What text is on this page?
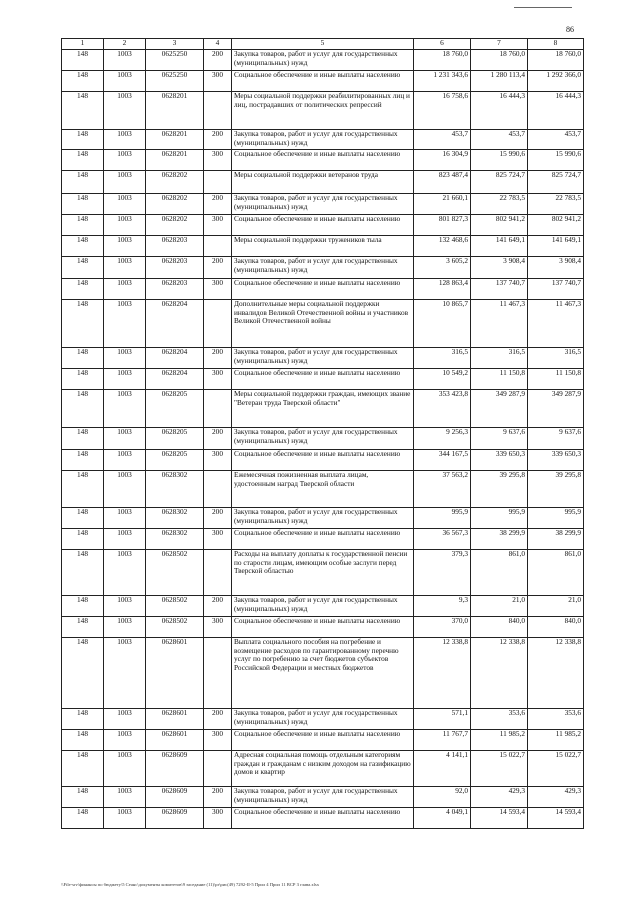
86
1	2	3	4	5	6	7	8
148	1003	0625250	200	Закупка товаров, работ и услуг для государственных (муниципальных) нужд	18 760,0	18 760,0	18 760,0
148	1003	0625250	300	Социальное обеспечение и иные выплаты населению	1 231 343,6	1 280 113,4	1 292 366,0
148	1003	0628201		Меры социальной поддержки реабилитированных лиц и лиц, пострадавших от политических репрессий	16 758,6	16 444,3	16 444,3
148	1003	0628201	200	Закупка товаров, работ и услуг для государственных (муниципальных) нужд	453,7	453,7	453,7
148	1003	0628201	300	Социальное обеспечение и иные выплаты населению	16 304,9	15 990,6	15 990,6
148	1003	0628202		Меры социальной поддержки ветеранов труда	823 487,4	825 724,7	825 724,7
148	1003	0628202	200	Закупка товаров, работ и услуг для государственных (муниципальных) нужд	21 660,1	22 783,5	22 783,5
148	1003	0628202	300	Социальное обеспечение и иные выплаты населению	801 827,3	802 941,2	802 941,2
148	1003	0628203		Меры социальной поддержки тружеников тыла	132 468,6	141 649,1	141 649,1
148	1003	0628203	200	Закупка товаров, работ и услуг для государственных (муниципальных) нужд	3 605,2	3 908,4	3 908,4
148	1003	0628203	300	Социальное обеспечение и иные выплаты населению	128 863,4	137 740,7	137 740,7
148	1003	0628204		Дополнительные меры социальной поддержки инвалидов Великой Отечественной войны и участников Великой Отечественной войны	10 865,7	11 467,3	11 467,3
148	1003	0628204	200	Закупка товаров, работ и услуг для государственных (муниципальных) нужд	316,5	316,5	316,5
148	1003	0628204	300	Социальное обеспечение и иные выплаты населению	10 549,2	11 150,8	11 150,8
148	1003	0628205		Меры социальной поддержки граждан, имеющих звание "Ветеран труда Тверской области"	353 423,8	349 287,9	349 287,9
148	1003	0628205	200	Закупка товаров, работ и услуг для государственных (муниципальных) нужд	9 256,3	9 637,6	9 637,6
148	1003	0628205	300	Социальное обеспечение и иные выплаты населению	344 167,5	339 650,3	339 650,3
148	1003	0628302		Ежемесячная пожизненная выплата лицам, удостоенным наград Тверской области	37 563,2	39 295,8	39 295,8
148	1003	0628302	200	Закупка товаров, работ и услуг для государственных (муниципальных) нужд	995,9	995,9	995,9
148	1003	0628302	300	Социальное обеспечение и иные выплаты населению	36 567,3	38 299,9	38 299,9
148	1003	0628502		Расходы на выплату доплаты к государственной пенсии по старости лицам, имеющим особые заслуги перед Тверской областью	379,3	861,0	861,0
148	1003	0628502	200	Закупка товаров, работ и услуг для государственных (муниципальных) нужд	9,3	21,0	21,0
148	1003	0628502	300	Социальное обеспечение и иные выплаты населению	370,0	840,0	840,0
148	1003	0628601		Выплата социального пособия на погребение и возмещение расходов по гарантированному перечню услуг по погребению за счет бюджетов субъектов Российской Федерации и местных бюджетов	12 338,8	12 338,8	12 338,8
148	1003	0628601	200	Закупка товаров, работ и услуг для государственных (муниципальных) нужд	571,1	353,6	353,6
148	1003	0628601	300	Социальное обеспечение и иные выплаты населению	11 767,7	11 985,2	11 985,2
148	1003	0628609		Адресная социальная помощь отдельным категориям граждан и гражданам с низким доходом на газификацию домов и квартир	4 141,1	15 022,7	15 022,7
148	1003	0628609	200	Закупка товаров, работ и услуг для государственных (муниципальных) нужд	92,0	429,3	429,3
148	1003	0628609	300	Социальное обеспечение и иные выплаты населению	4 049,1	14 593,4	14 593,4
\\File-srv\финансы по бюджету\5 Сеанс\документы комитетов\9 заседание (11)\pr\рис(49) 7292-II-5 Прил 4 Прил 11 ВСР 3 глава.xlsx
